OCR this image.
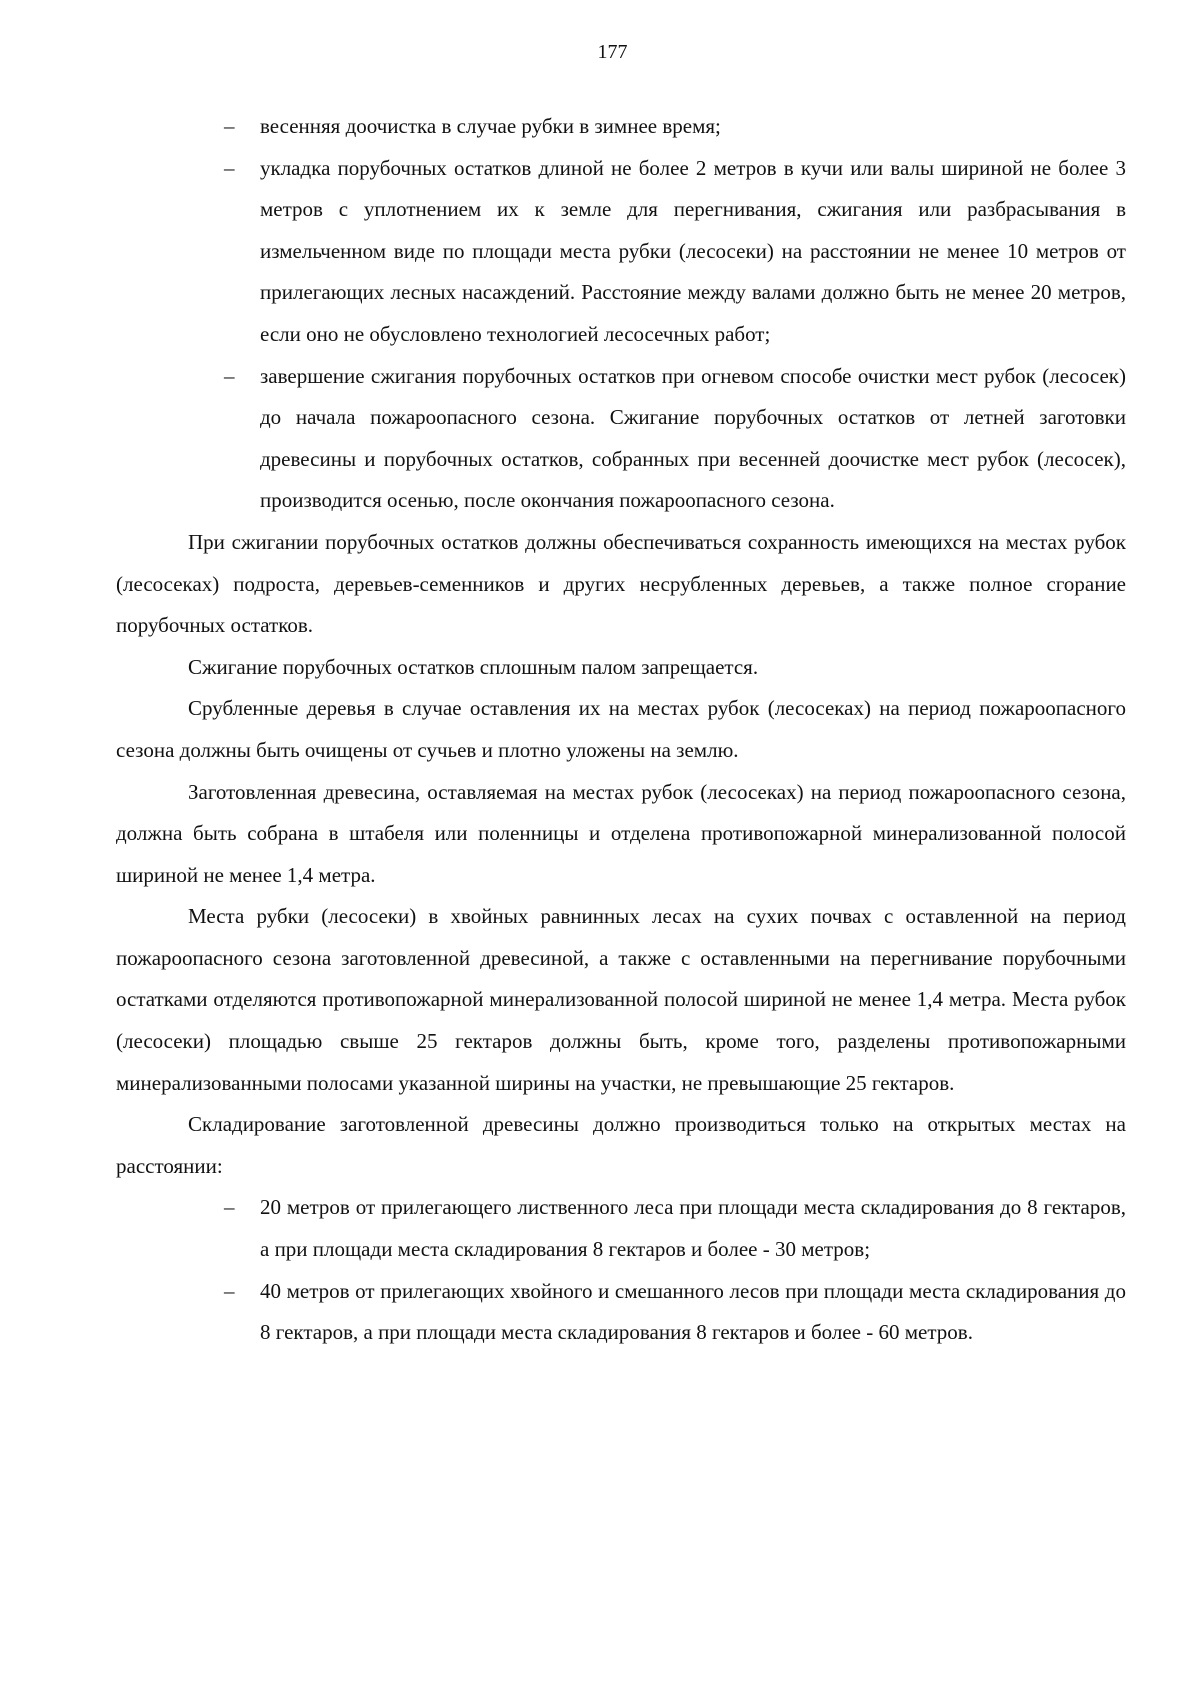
177
– весенняя доочистка в случае рубки в зимнее время;
– укладка порубочных остатков длиной не более 2 метров в кучи или валы шириной не более 3 метров с уплотнением их к земле для перегнивания, сжигания или разбрасывания в измельченном виде по площади места рубки (лесосеки) на расстоянии не менее 10 метров от прилегающих лесных насаждений. Расстояние между валами должно быть не менее 20 метров, если оно не обусловлено технологией лесосечных работ;
– завершение сжигания порубочных остатков при огневом способе очистки мест рубок (лесосек) до начала пожароопасного сезона. Сжигание порубочных остатков от летней заготовки древесины и порубочных остатков, собранных при весенней доочистке мест рубок (лесосек), производится осенью, после окончания пожароопасного сезона.

При сжигании порубочных остатков должны обеспечиваться сохранность имеющихся на местах рубок (лесосеках) подроста, деревьев-семенников и других несрубленных деревьев, а также полное сгорание порубочных остатков.

Сжигание порубочных остатков сплошным палом запрещается.

Срубленные деревья в случае оставления их на местах рубок (лесосеках) на период пожароопасного сезона должны быть очищены от сучьев и плотно уложены на землю.

Заготовленная древесина, оставляемая на местах рубок (лесосеках) на период пожароопасного сезона, должна быть собрана в штабеля или поленницы и отделена противопожарной минерализованной полосой шириной не менее 1,4 метра.

Места рубки (лесосеки) в хвойных равнинных лесах на сухих почвах с оставленной на период пожароопасного сезона заготовленной древесиной, а также с оставленными на перегнивание порубочными остатками отделяются противопожарной минерализованной полосой шириной не менее 1,4 метра. Места рубок (лесосеки) площадью свыше 25 гектаров должны быть, кроме того, разделены противопожарными минерализованными полосами указанной ширины на участки, не превышающие 25 гектаров.

Складирование заготовленной древесины должно производиться только на открытых местах на расстоянии:

– 20 метров от прилегающего лиственного леса при площади места складирования до 8 гектаров, а при площади места складирования 8 гектаров и более - 30 метров;
– 40 метров от прилегающих хвойного и смешанного лесов при площади места складирования до 8 гектаров, а при площади места складирования 8 гектаров и более - 60 метров.
